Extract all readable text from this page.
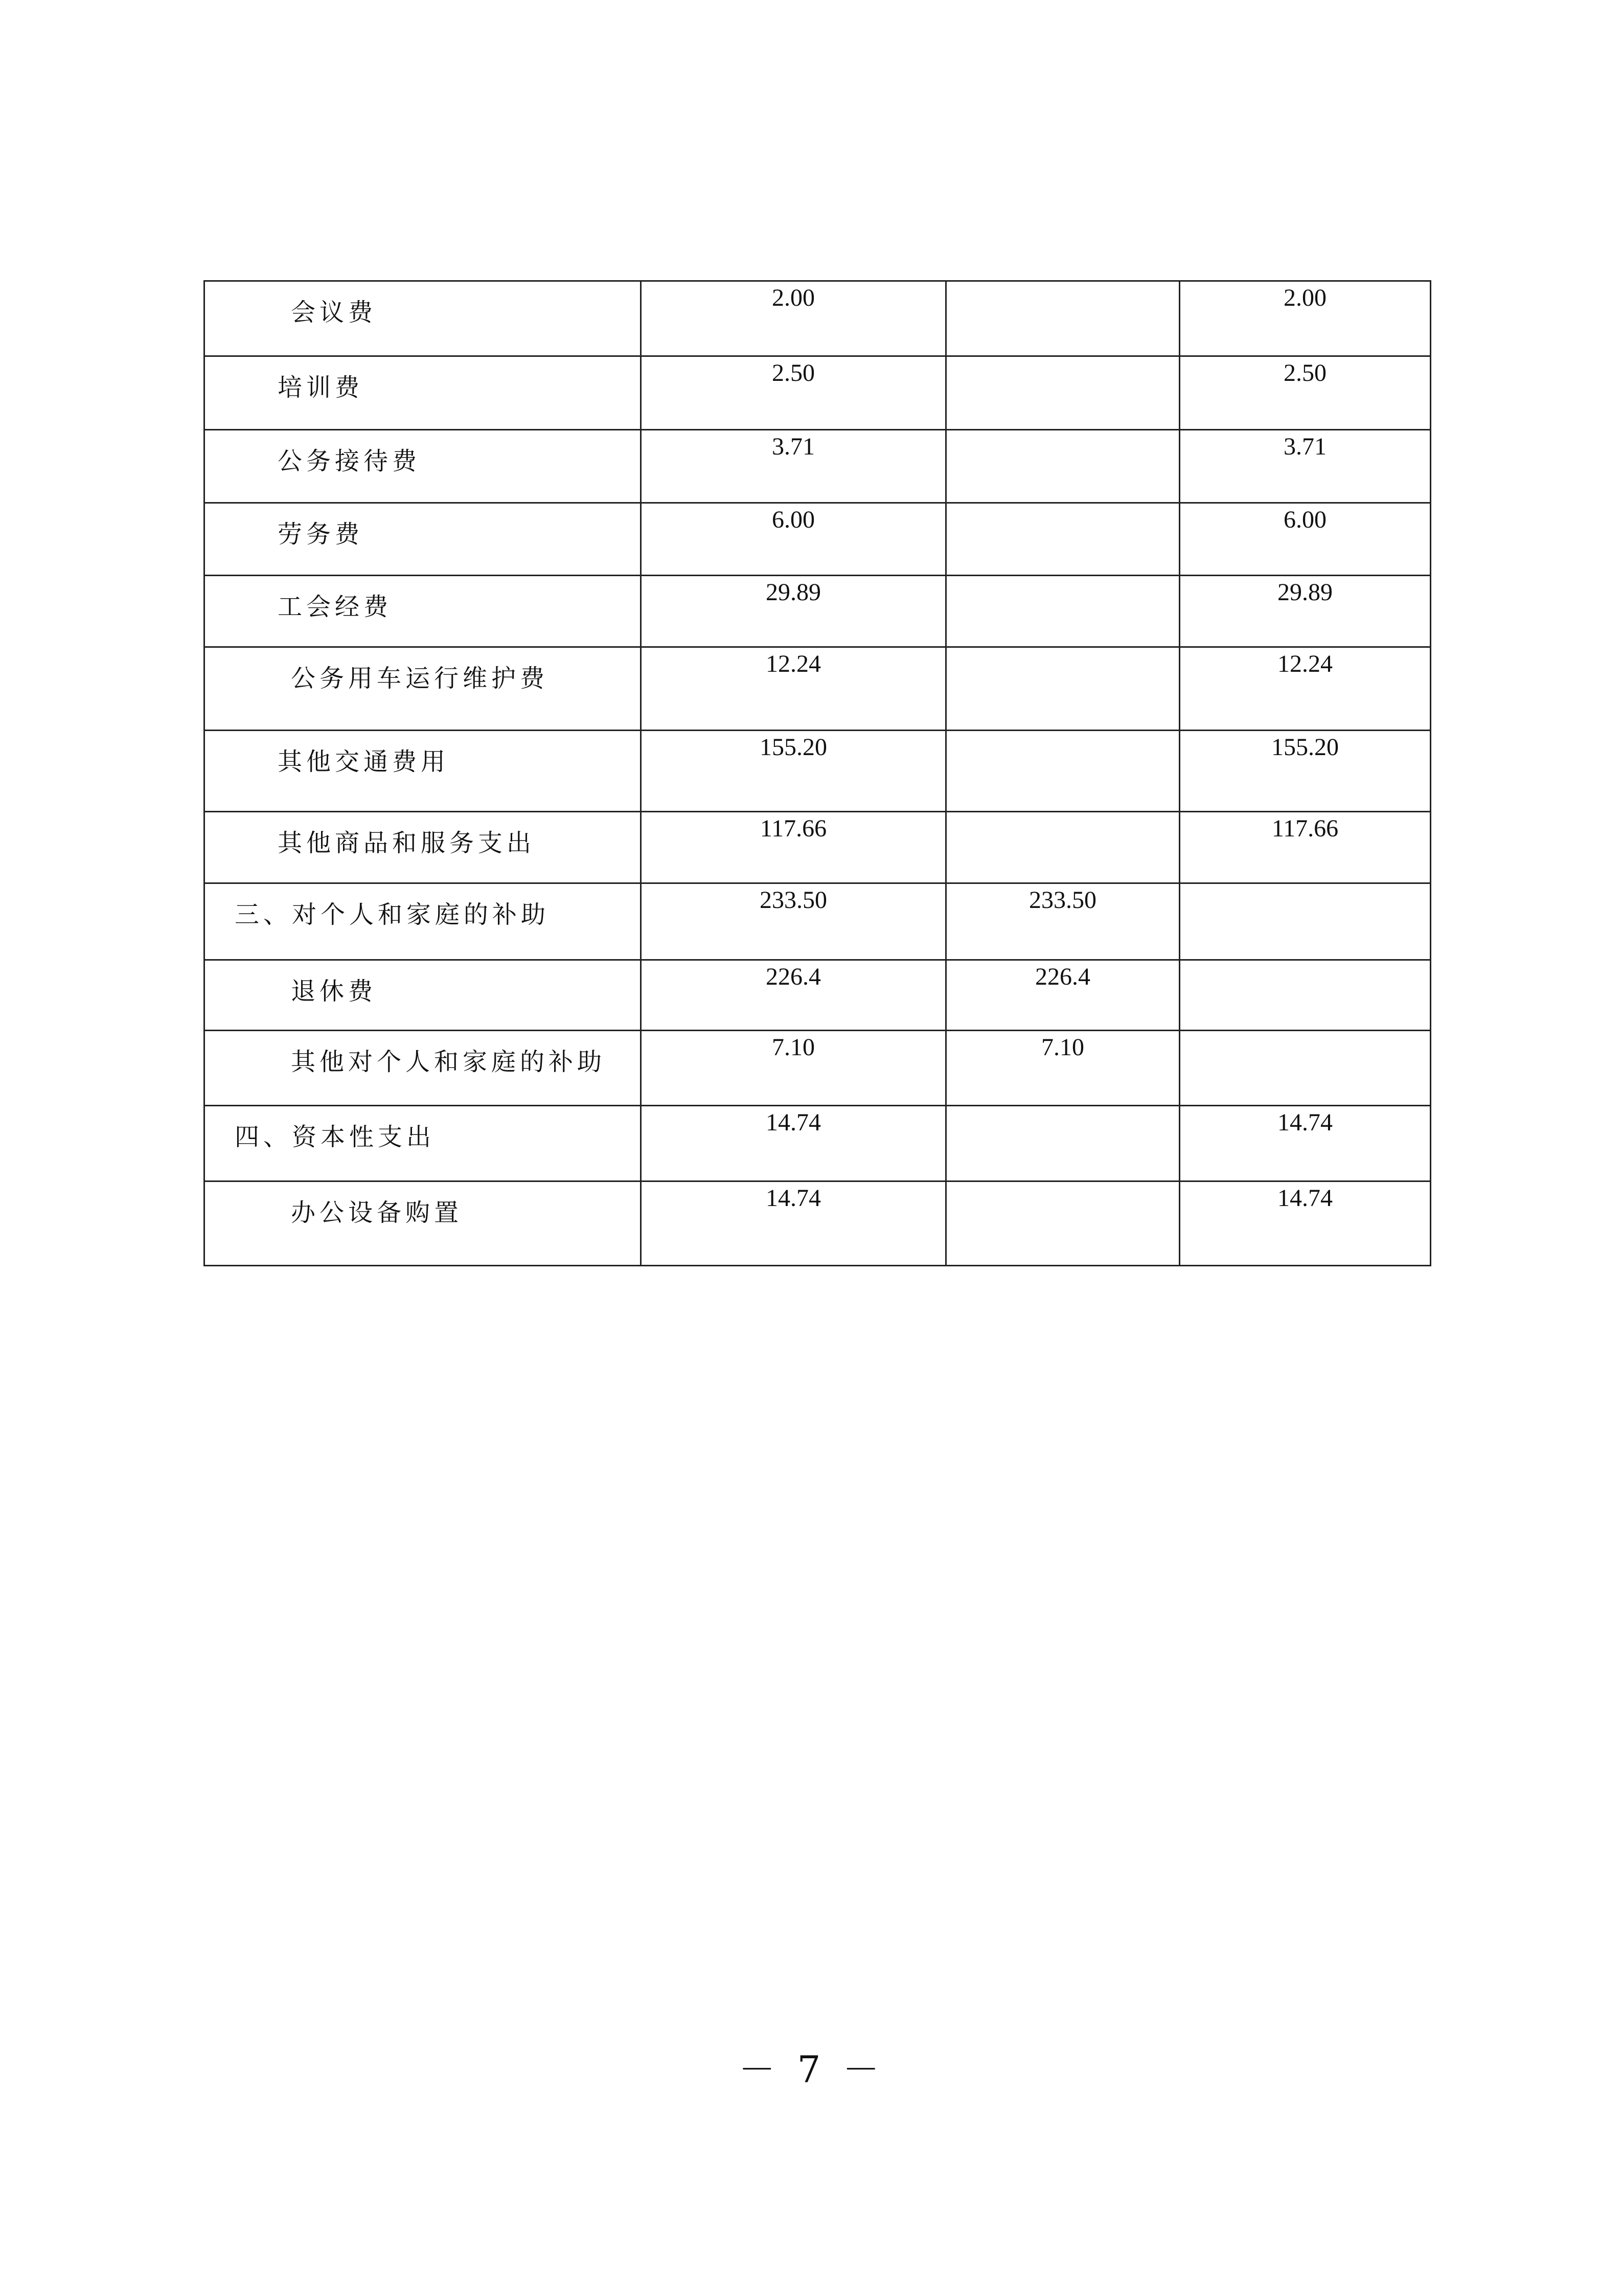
会议费	2.00		2.00

培训费	2.50		2.50

公务接待费	3.71		3.71

劳务费	6.00		6.00

工会经费	29.89		29.89

公务用车运行维护费	12.24		12.24

其他交通费用	155.20		155.20

其他商品和服务支出	117.66		117.66

三、对个人和家庭的补助	233.50	233.50	

退休费	226.4	226.4	

其他对个人和家庭的补助	7.10	7.10	

四、资本性支出	14.74		14.74

办公设备购置	14.74		14.74
－ 7 －
